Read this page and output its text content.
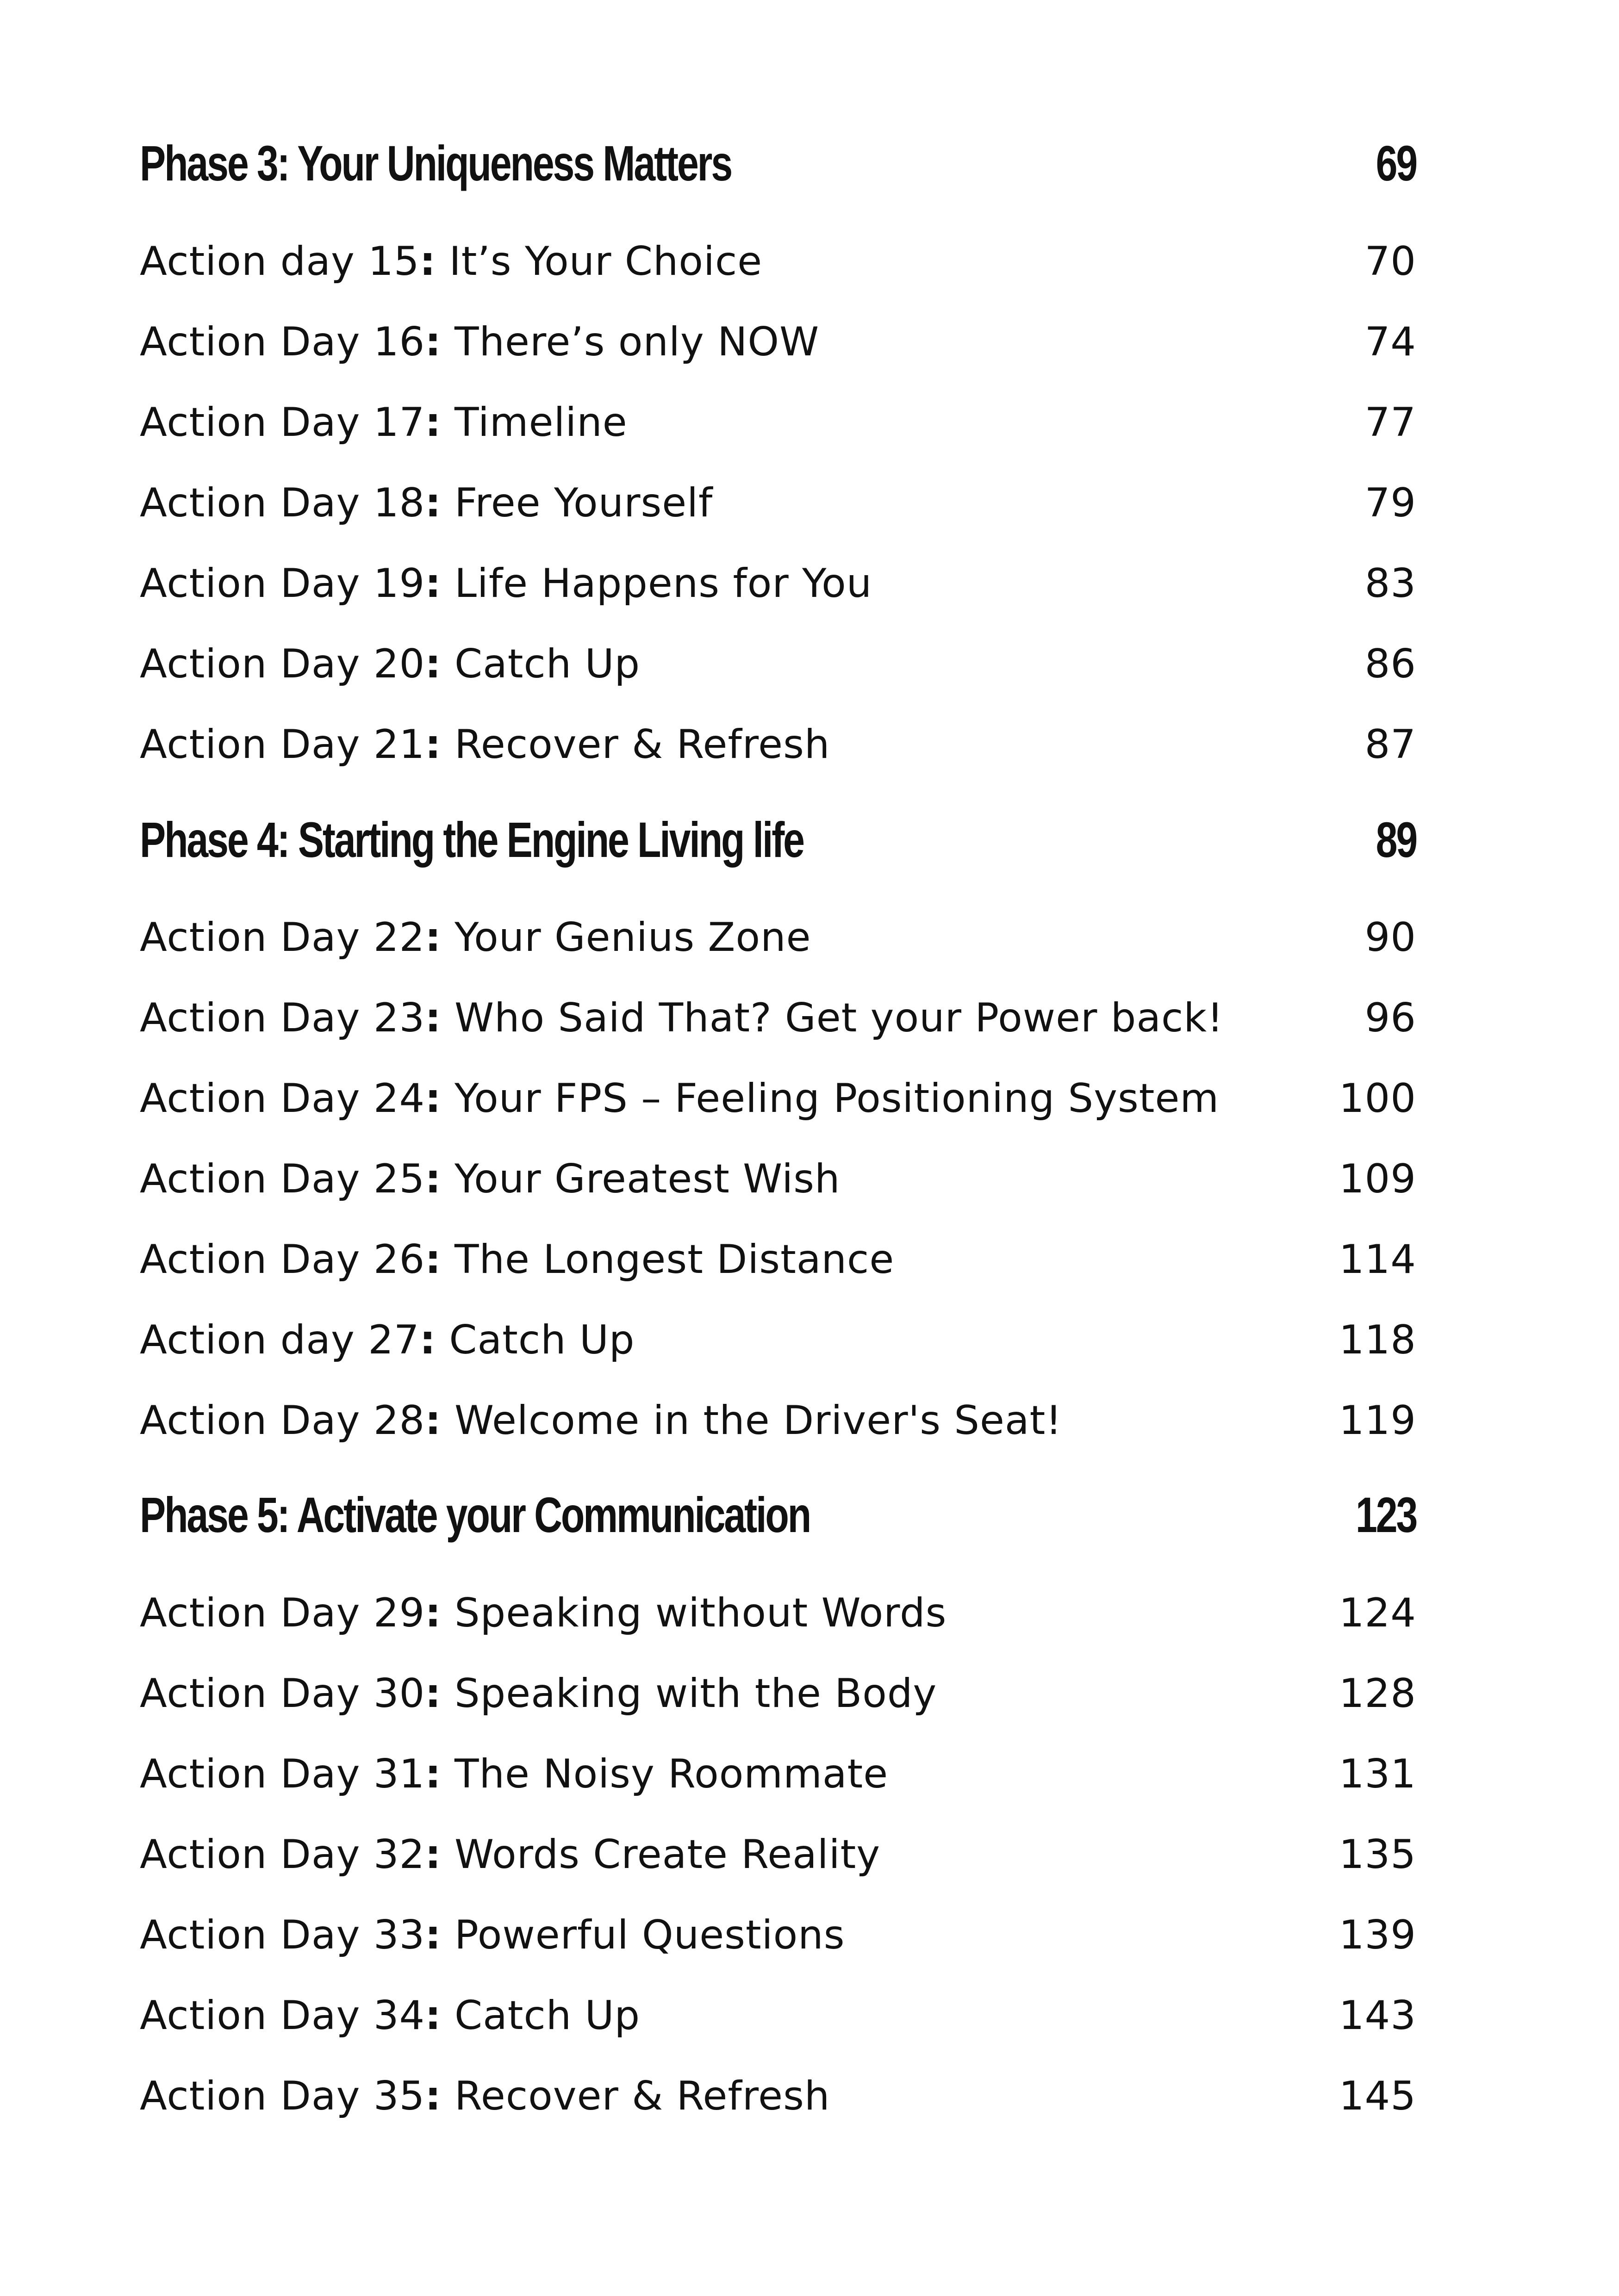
Phase 3: Your Uniqueness Matters	69
Action day 15: It’s Your Choice	70
Action Day 16: There’s only NOW	74
Action Day 17: Timeline	77
Action Day 18: Free Yourself	79
Action Day 19: Life Happens for You	83
Action Day 20: Catch Up	86
Action Day 21: Recover & Refresh	87
Phase 4: Starting the Engine Living life	89
Action Day 22: Your Genius Zone	90
Action Day 23: Who Said That? Get your Power back!	96
Action Day 24: Your FPS – Feeling Positioning System	100
Action Day 25: Your Greatest Wish	109
Action Day 26: The Longest Distance	114
Action day 27: Catch Up	118
Action Day 28: Welcome in the Driver's Seat!	119
Phase 5: Activate your Communication	123
Action Day 29: Speaking without Words	124
Action Day 30: Speaking with the Body	128
Action Day 31: The Noisy Roommate	131
Action Day 32: Words Create Reality	135
Action Day 33: Powerful Questions	139
Action Day 34: Catch Up	143
Action Day 35: Recover & Refresh	145
